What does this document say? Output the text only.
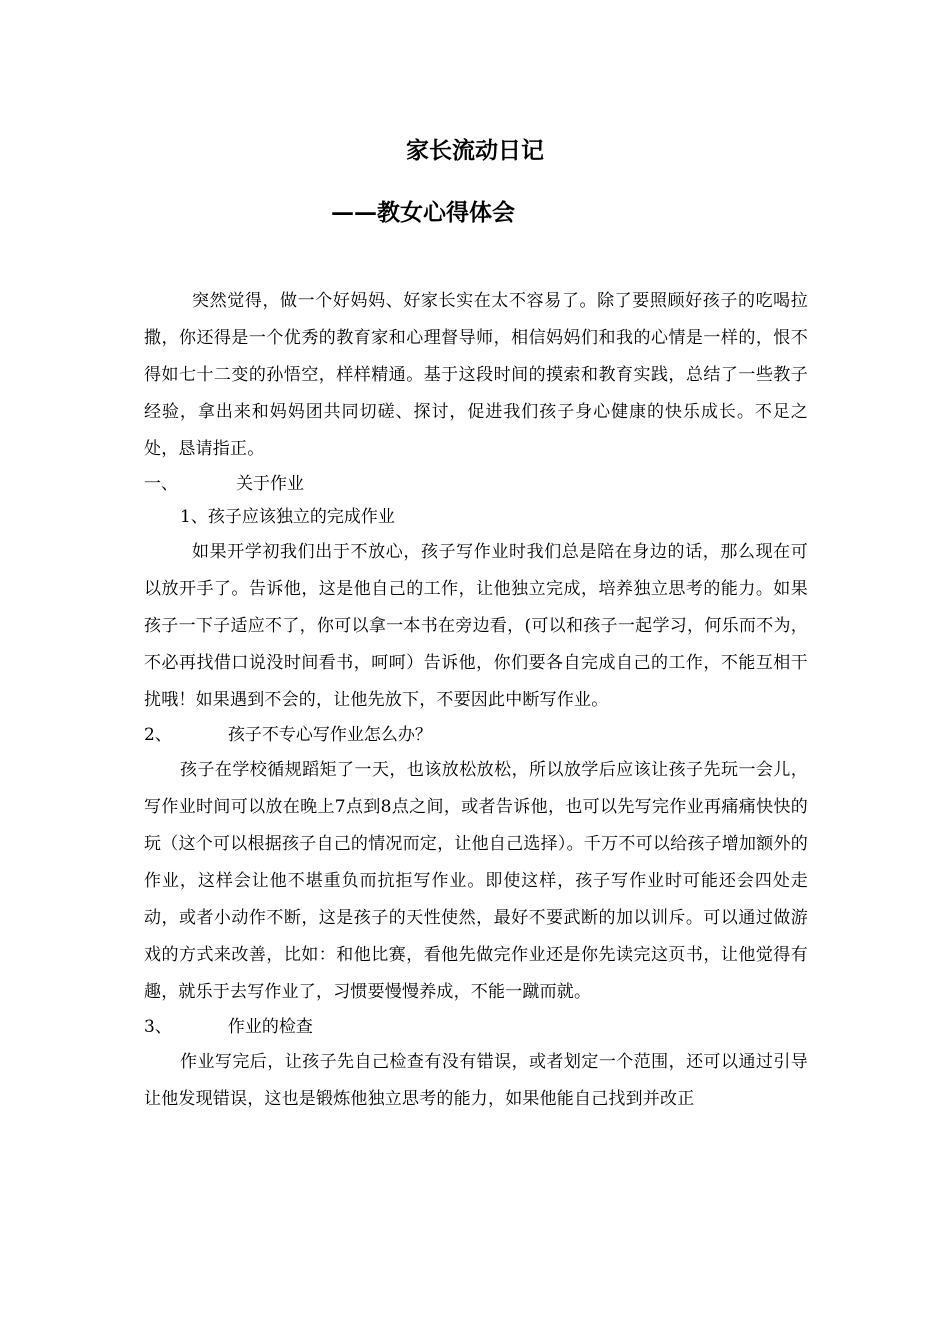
家长流动日记
——教女心得体会

突然觉得，做一个好妈妈、好家长实在太不容易了。除了要照顾好孩子的吃喝拉撒，你还得是一个优秀的教育家和心理督导师，相信妈妈们和我的心情是一样的，恨不得如七十二变的孙悟空，样样精通。基于这段时间的摸索和教育实践，总结了一些教子经验，拿出来和妈妈团共同切磋、探讨，促进我们孩子身心健康的快乐成长。不足之处，恳请指正。

一、	关于作业
1、孩子应该独立的完成作业

如果开学初我们出于不放心，孩子写作业时我们总是陪在身边的话，那么现在可以放开手了。告诉他，这是他自己的工作，让他独立完成，培养独立思考的能力。如果孩子一下子适应不了，你可以拿一本书在旁边看，(可以和孩子一起学习，何乐而不为，不必再找借口说没时间看书，呵呵）告诉他，你们要各自完成自己的工作，不能互相干扰哦！如果遇到不会的，让他先放下，不要因此中断写作业。

2、	孩子不专心写作业怎么办？

孩子在学校循规蹈矩了一天，也该放松放松，所以放学后应该让孩子先玩一会儿，写作业时间可以放在晚上7点到8点之间，或者告诉他，也可以先写完作业再痛痛快快的玩（这个可以根据孩子自己的情况而定，让他自己选择）。千万不可以给孩子增加额外的作业，这样会让他不堪重负而抗拒写作业。即使这样，孩子写作业时可能还会四处走动，或者小动作不断，这是孩子的天性使然，最好不要武断的加以训斥。可以通过做游戏的方式来改善，比如：和他比赛，看他先做完作业还是你先读完这页书，让他觉得有趣，就乐于去写作业了，习惯要慢慢养成，不能一蹴而就。

3、	作业的检查

作业写完后，让孩子先自己检查有没有错误，或者划定一个范围，还可以通过引导让他发现错误，这也是锻炼他独立思考的能力，如果他能自己找到并改正
